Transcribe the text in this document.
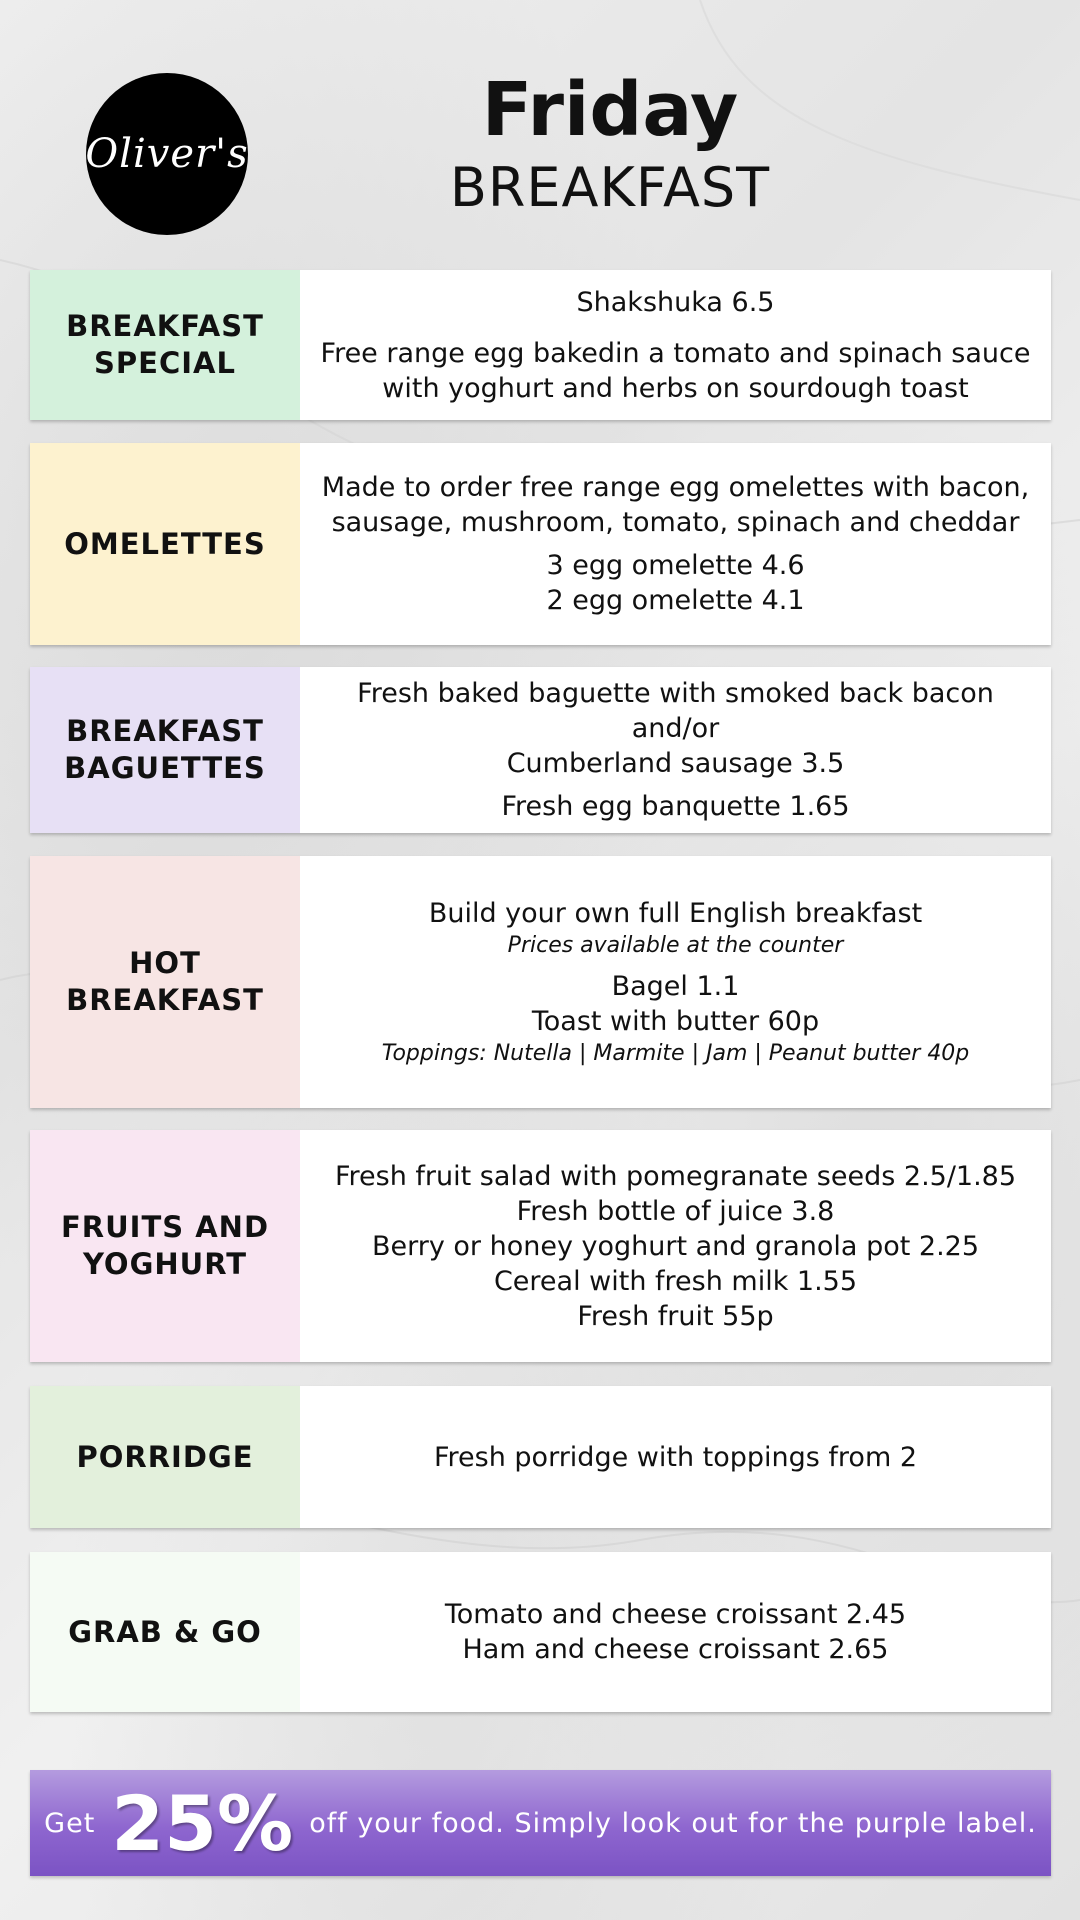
Oliver's
Friday
BREAKFAST
BREAKFAST SPECIAL
Shakshuka 6.5
Free range egg bakedin a tomato and spinach sauce
with yoghurt and herbs on sourdough toast
OMELETTES
Made to order free range egg omelettes with bacon,
sausage, mushroom, tomato, spinach and cheddar
3 egg omelette 4.6
2 egg omelette 4.1
BREAKFAST BAGUETTES
Fresh baked baguette with smoked back bacon and/or
Cumberland sausage 3.5
Fresh egg banquette 1.65
HOT BREAKFAST
Build your own full English breakfast
Prices available at the counter
Bagel 1.1
Toast with butter 60p
Toppings: Nutella | Marmite | Jam | Peanut butter 40p
FRUITS AND YOGHURT
Fresh fruit salad with pomegranate seeds 2.5/1.85
Fresh bottle of juice 3.8
Berry or honey yoghurt and granola pot 2.25
Cereal with fresh milk 1.55
Fresh fruit 55p
PORRIDGE	Fresh porridge with toppings from 2
GRAB & GO	Tomato and cheese croissant 2.45
Ham and cheese croissant 2.65
Get 25% off your food. Simply look out for the purple label.
